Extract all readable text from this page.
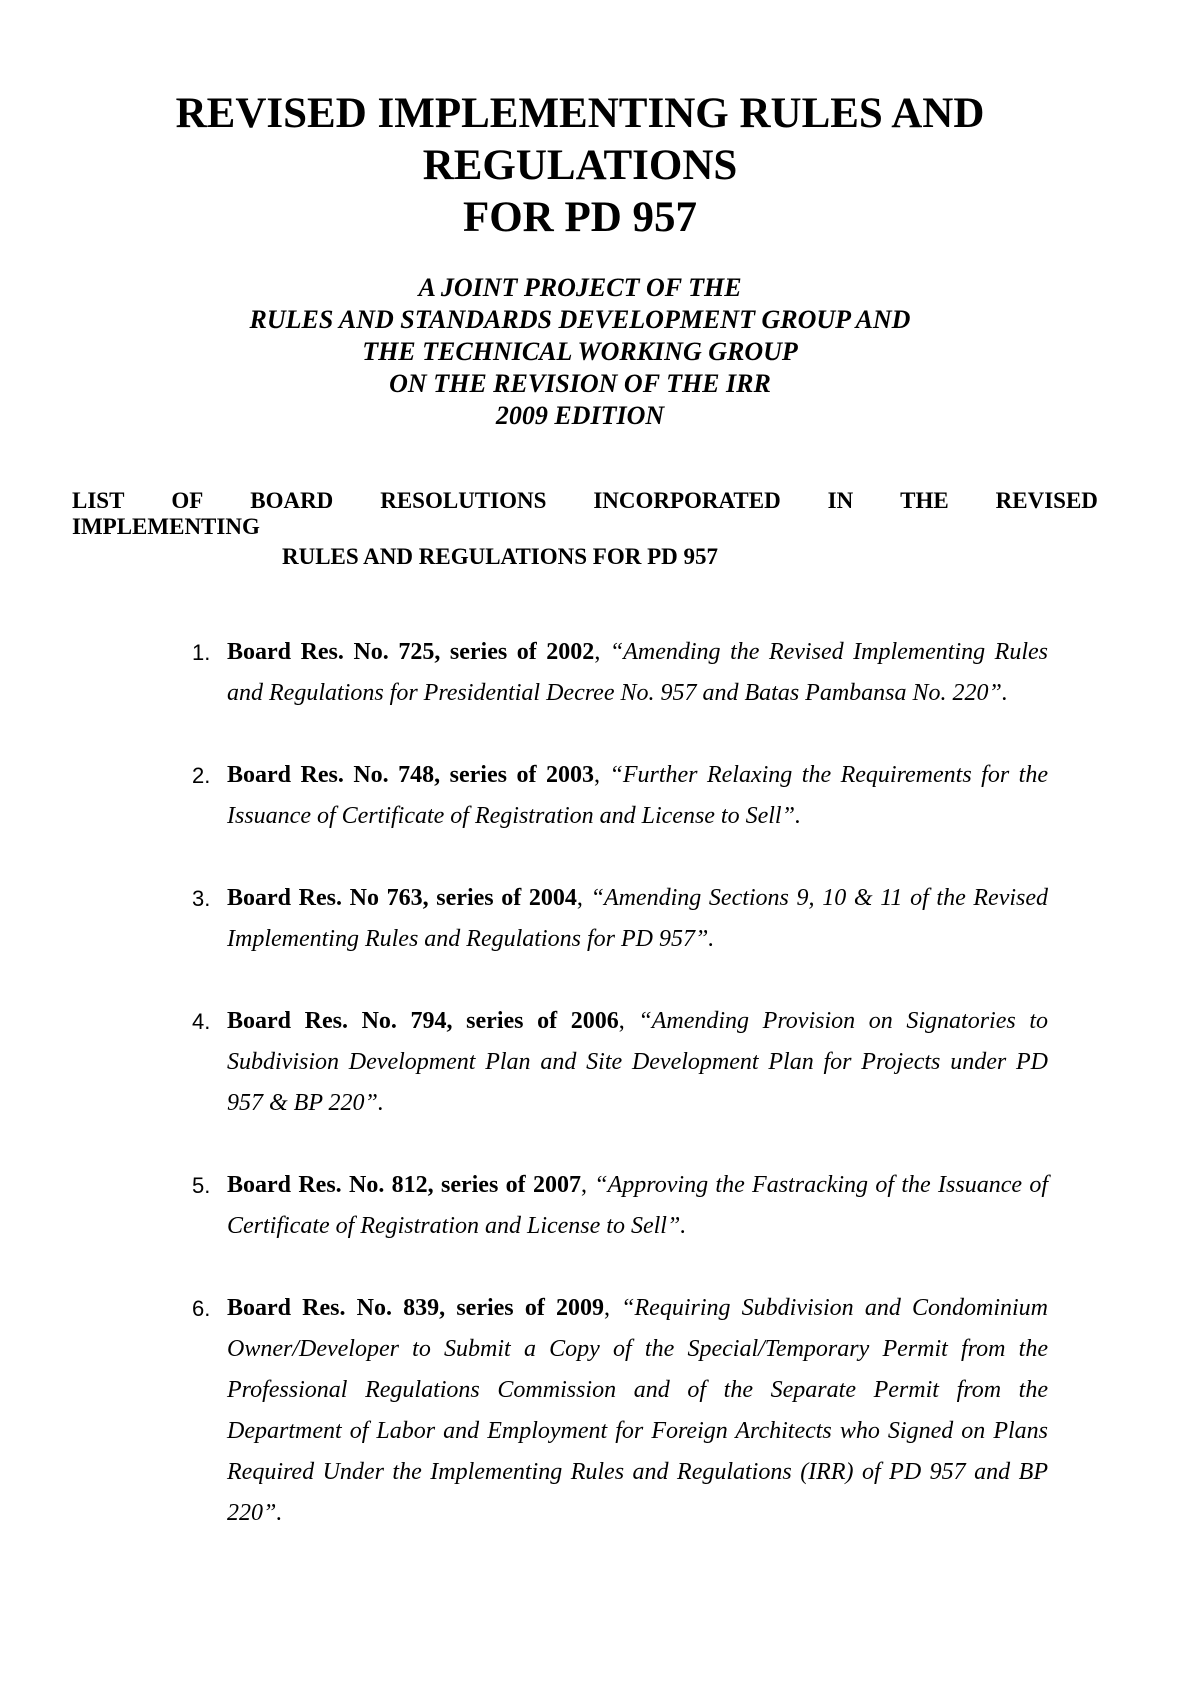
REVISED IMPLEMENTING RULES AND
REGULATIONS
FOR PD 957
A JOINT PROJECT OF THE
RULES AND STANDARDS DEVELOPMENT GROUP AND
THE TECHNICAL WORKING GROUP
ON THE REVISION OF THE IRR
2009 EDITION
LIST OF BOARD RESOLUTIONS INCORPORATED IN THE REVISED
IMPLEMENTING
RULES AND REGULATIONS FOR PD 957
1. Board Res. No. 725, series of 2002, “Amending the Revised Implementing Rules and Regulations for Presidential Decree No. 957 and Batas Pambansa No. 220”.
2. Board Res. No. 748, series of 2003, “Further Relaxing the Requirements for the Issuance of Certificate of Registration and License to Sell”.
3. Board Res. No 763, series of 2004, “Amending Sections 9, 10 & 11 of the Revised Implementing Rules and Regulations for PD 957”.
4. Board Res. No. 794, series of 2006, “Amending Provision on Signatories to Subdivision Development Plan and Site Development Plan for Projects under PD 957 & BP 220”.
5. Board Res. No. 812, series of 2007, “Approving the Fastracking of the Issuance of Certificate of Registration and License to Sell”.
6. Board Res. No. 839, series of 2009, “Requiring Subdivision and Condominium Owner/Developer to Submit a Copy of the Special/Temporary Permit from the Professional Regulations Commission and of the Separate Permit from the Department of Labor and Employment for Foreign Architects who Signed on Plans Required Under the Implementing Rules and Regulations (IRR) of PD 957 and BP 220”.
